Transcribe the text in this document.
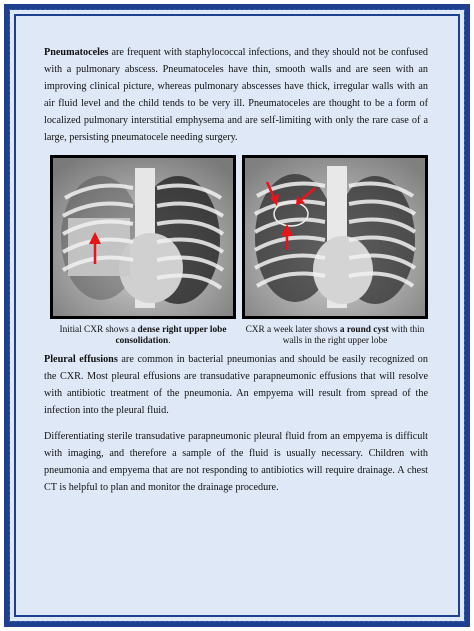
Pneumatoceles are frequent with staphylococcal infections, and they should not be confused with a pulmonary abscess. Pneumatoceles have thin, smooth walls and are seen with an improving clinical picture, whereas pulmonary abscesses have thick, irregular walls with an air fluid level and the child tends to be very ill. Pneumatoceles are thought to be a form of localized pulmonary interstitial emphysema and are self-limiting with only the rare case of a large, persisting pneumatocele needing surgery.

Initial CXR shows a dense right upper lobe consolidation.
CXR a week later shows a round cyst with thin walls in the right upper lobe

Pleural effusions are common in bacterial pneumonias and should be easily recognized on the CXR. Most pleural effusions are transudative parapneumonic effusions that will resolve with antibiotic treatment of the pneumonia. An empyema will result from spread of the infection into the pleural fluid.

Differentiating sterile transudative parapneumonic pleural fluid from an empyema is difficult with imaging, and therefore a sample of the fluid is usually necessary. Children with pneumonia and empyema that are not responding to antibiotics will require drainage. A chest CT is helpful to plan and monitor the drainage procedure.
